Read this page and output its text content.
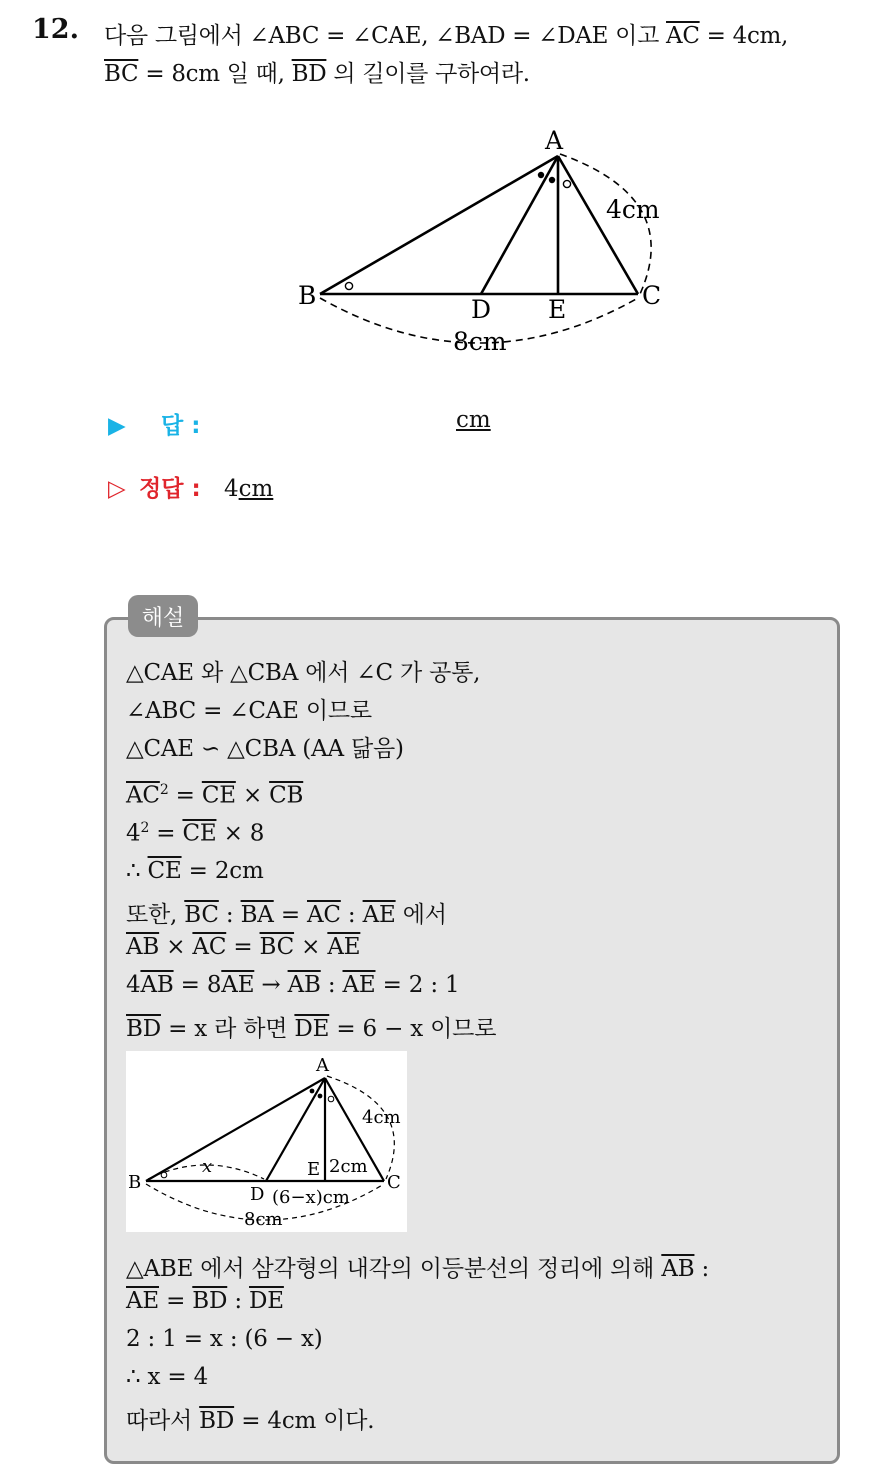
12. 다음 그림에서 ∠ABC = ∠CAE, ∠BAD = ∠DAE 이고 $\overline{AC} = 4cm$,
$\overline{BC} = 8cm$ 일 때, $\overline{BD}$ 의 길이를 구하여라.
A
B	C
D E
4cm
8cm
▶ 답 :	cm
▷ 정답 : 4cm
해설
△CAE 와 △CBA 에서 ∠C 가 공통,
∠ABC = ∠CAE 이므로
△CAE ∽ △CBA (AA 닮음)
$\overline{AC}^2 = \overline{CE} \times \overline{CB}$
$4^2 = \overline{CE} \times 8$
∴ $\overline{CE} = 2cm$
또한, $\overline{BC}$ : $\overline{BA} = \overline{AC}$ : $\overline{AE}$ 에서
$\overline{AB} \times \overline{AC} = \overline{BC} \times \overline{AE}$
$4\overline{AB} = 8\overline{AE} \to \overline{AB}$ : $\overline{AE} = 2$ : 1
$\overline{BD} = x$ 라 하면 $\overline{DE} = 6 - x$ 이므로
A
B	C
D
E
4cm
2cm
x
(6−x)cm
8cm
△ABE 에서 삼각형의 내각의 이등분선의 정리에 의해 $\overline{AB}$ :
$\overline{AE} = \overline{BD}$ : $\overline{DE}$
2 : 1 = x : (6 − x)
∴ x = 4
따라서 $\overline{BD} = 4cm$ 이다.
